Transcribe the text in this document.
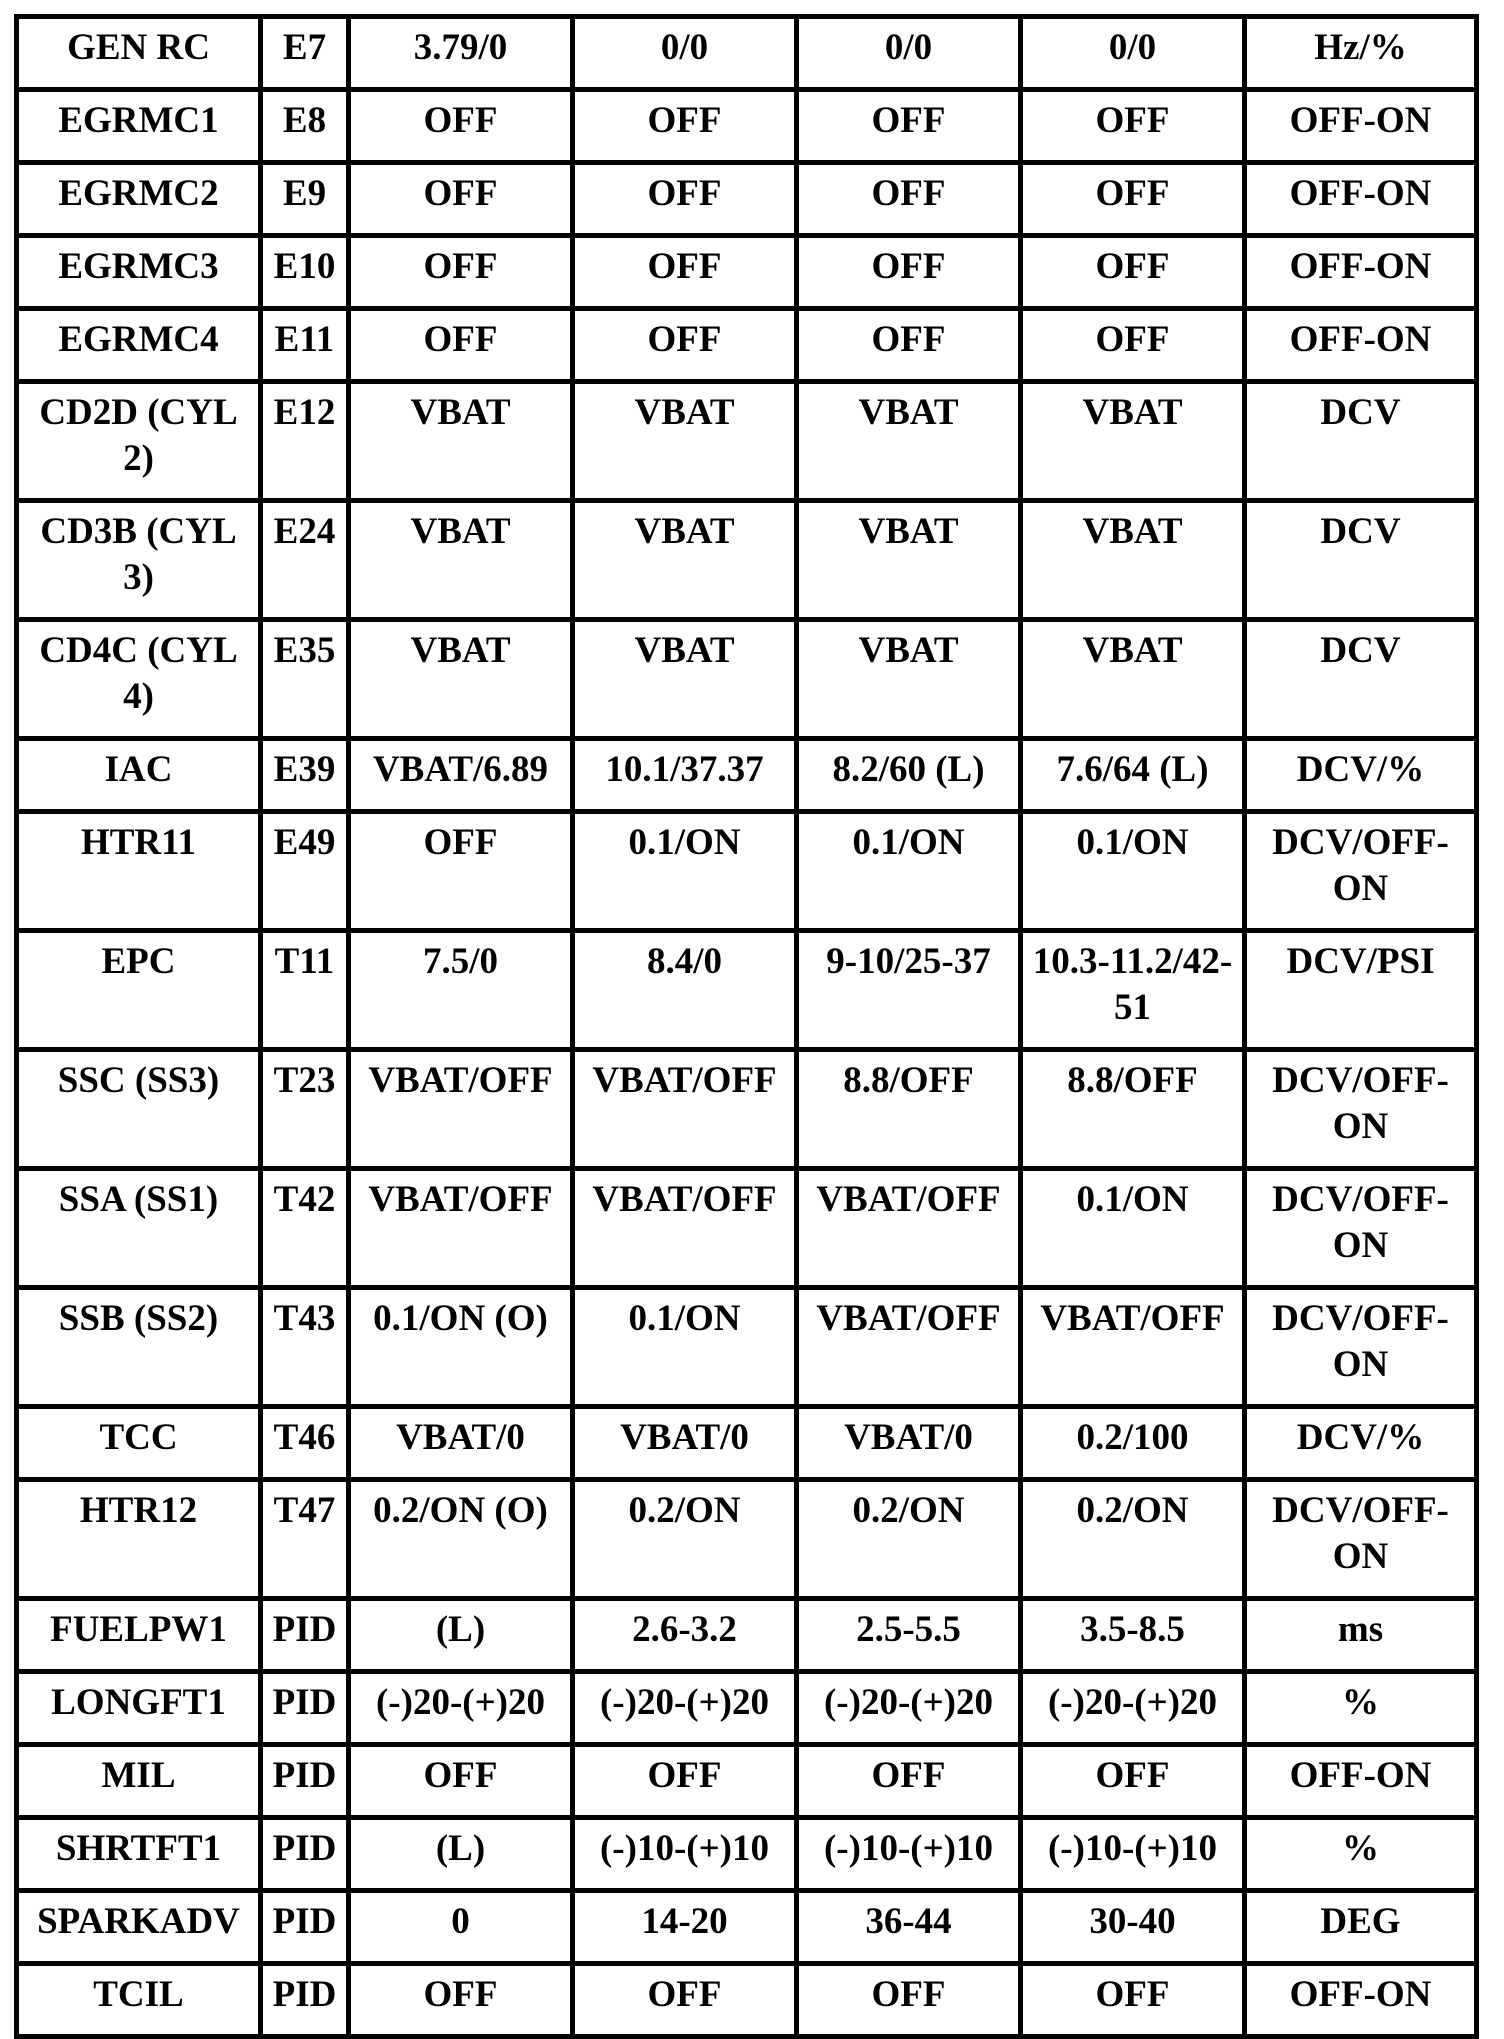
GEN RC	E7	3.79/0	0/0	0/0	0/0	Hz/%
EGRMC1	E8	OFF	OFF	OFF	OFF	OFF-ON
EGRMC2	E9	OFF	OFF	OFF	OFF	OFF-ON
EGRMC3	E10	OFF	OFF	OFF	OFF	OFF-ON
EGRMC4	E11	OFF	OFF	OFF	OFF	OFF-ON
CD2D (CYL 2)	E12	VBAT	VBAT	VBAT	VBAT	DCV
CD3B (CYL 3)	E24	VBAT	VBAT	VBAT	VBAT	DCV
CD4C (CYL 4)	E35	VBAT	VBAT	VBAT	VBAT	DCV
IAC	E39	VBAT/6.89	10.1/37.37	8.2/60 (L)	7.6/64 (L)	DCV/%
HTR11	E49	OFF	0.1/ON	0.1/ON	0.1/ON	DCV/OFF-ON
EPC	T11	7.5/0	8.4/0	9-10/25-37	10.3-11.2/42-51	DCV/PSI
SSC (SS3)	T23	VBAT/OFF	VBAT/OFF	8.8/OFF	8.8/OFF	DCV/OFF-ON
SSA (SS1)	T42	VBAT/OFF	VBAT/OFF	VBAT/OFF	0.1/ON	DCV/OFF-ON
SSB (SS2)	T43	0.1/ON (O)	0.1/ON	VBAT/OFF	VBAT/OFF	DCV/OFF-ON
TCC	T46	VBAT/0	VBAT/0	VBAT/0	0.2/100	DCV/%
HTR12	T47	0.2/ON (O)	0.2/ON	0.2/ON	0.2/ON	DCV/OFF-ON
FUELPW1	PID	(L)	2.6-3.2	2.5-5.5	3.5-8.5	ms
LONGFT1	PID	(-)20-(+)20	(-)20-(+)20	(-)20-(+)20	(-)20-(+)20	%
MIL	PID	OFF	OFF	OFF	OFF	OFF-ON
SHRTFT1	PID	(L)	(-)10-(+)10	(-)10-(+)10	(-)10-(+)10	%
SPARKADV	PID	0	14-20	36-44	30-40	DEG
TCIL	PID	OFF	OFF	OFF	OFF	OFF-ON
